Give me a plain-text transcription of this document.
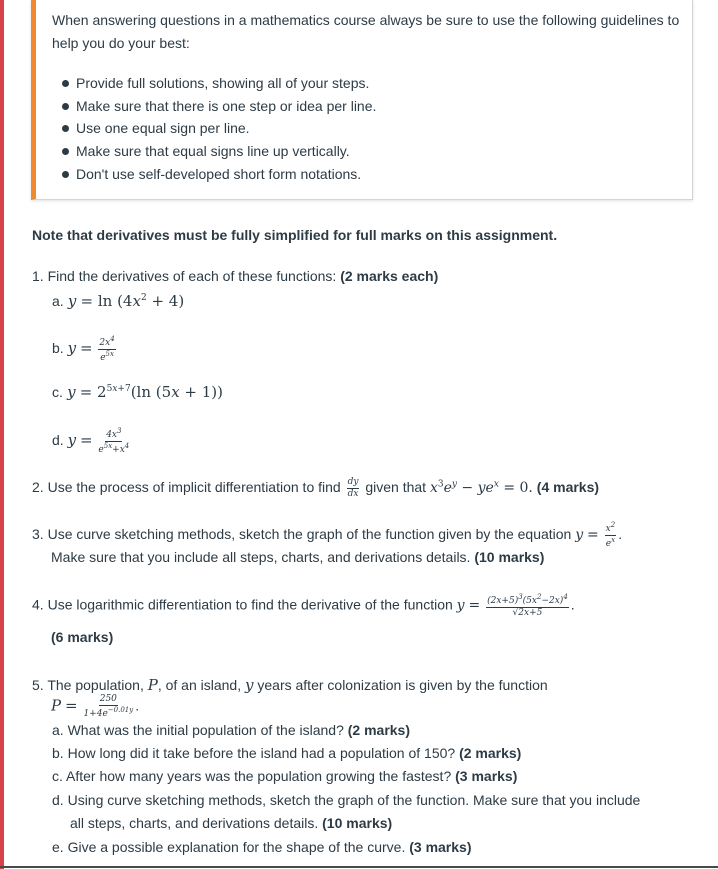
When answering questions in a mathematics course always be sure to use the following guidelines to help you do your best:

Provide full solutions, showing all of your steps.
Make sure that there is one step or idea per line.
Use one equal sign per line.
Make sure that equal signs line up vertically.
Don't use self-developed short form notations.

Note that derivatives must be fully simplified for full marks on this assignment.

1. Find the derivatives of each of these functions: (2 marks each)
a. $y = \ln (4x^2 + 4)$
b. $y = \frac{2x^4}{e^{5x}}$
c. $y = 2^{5x+7}(\ln$ (5x + 1))
d. $y = \frac{4x^3}{e^{5x}+x^4}$
2. Use the process of implicit differentiation to find $\frac{dy}{dx}$ given that $x^3e^y - ye^x = 0$. (4 marks)
3. Use curve sketching methods, sketch the graph of the function given by the equation $y = \frac{x^2}{e^x}$ .
Make sure that you include all steps, charts, and derivations details. (10 marks)
4. Use logarithmic differentiation to find the derivative of the function $y = \frac{(2x+5)^3(5x^2-2x)^4}{√2x+5}$ .
(6 marks)
5. The population, P, of an island, y years after colonization is given by the function
$P = \frac{250}{1+4e^{-0.01y}}$ .
a. What was the initial population of the island? (2 marks)
b. How long did it take before the island had a population of 150? (2 marks)
c. After how many years was the population growing the fastest? (3 marks)
d. Using curve sketching methods, sketch the graph of the function. Make sure that you include
all steps, charts, and derivations details. (10 marks)
e. Give a possible explanation for the shape of the curve. (3 marks)
